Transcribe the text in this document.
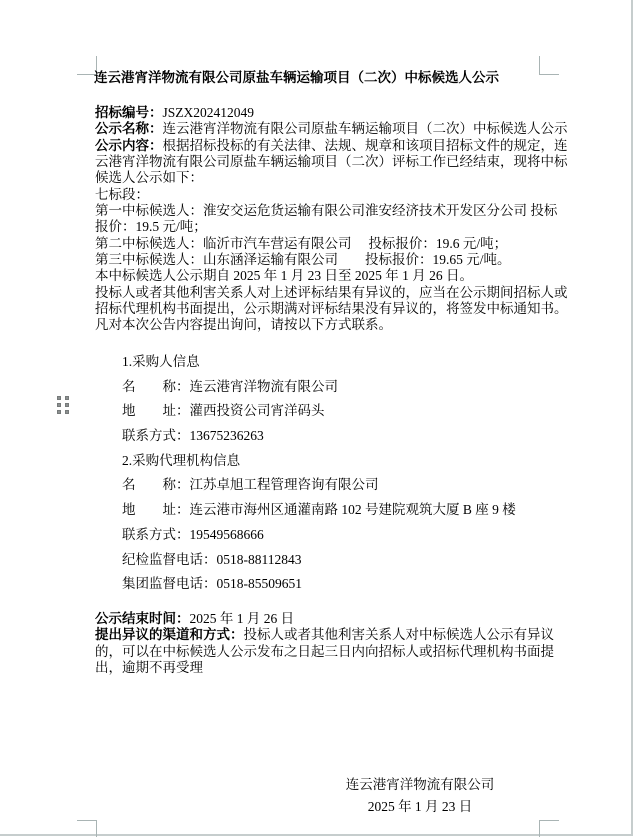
连云港宵洋物流有限公司原盐车辆运输项目（二次）中标候选人公示
招标编号：JSZX202412049
公示名称：连云港宵洋物流有限公司原盐车辆运输项目（二次）中标候选人公示
公示内容：根据招标投标的有关法律、法规、规章和该项目招标文件的规定，连
云港宵洋物流有限公司原盐车辆运输项目（二次）评标工作已经结束，现将中标
候选人公示如下：
七标段：
第一中标候选人：淮安交运危货运输有限公司淮安经济技术开发区分公司 投标
报价：19.5 元/吨；
第二中标候选人：临沂市汽车营运有限公司　 投标报价：19.6 元/吨；
第三中标候选人：山东涵泽运输有限公司　　投标报价：19.65 元/吨。
本中标候选人公示期自 2025 年 1 月 23 日至 2025 年 1 月 26 日。
投标人或者其他利害关系人对上述评标结果有异议的，应当在公示期间招标人或
招标代理机构书面提出，公示期满对评标结果没有异议的，将签发中标通知书。
凡对本次公告内容提出询问，请按以下方式联系。
1.采购人信息
名　　称：连云港宵洋物流有限公司
地　　址：灌西投资公司宵洋码头
联系方式：13675236263
2.采购代理机构信息
名　　称：江苏卓旭工程管理咨询有限公司
地　　址：连云港市海州区通灌南路 102 号建院观筑大厦 B 座 9 楼
联系方式：19549568666
纪检监督电话：0518-88112843
集团监督电话：0518-85509651
公示结束时间：2025 年 1 月 26 日
提出异议的渠道和方式：投标人或者其他利害关系人对中标候选人公示有异议
的，可以在中标候选人公示发布之日起三日内向招标人或招标代理机构书面提
出，逾期不再受理
连云港宵洋物流有限公司
2025 年 1 月 23 日
